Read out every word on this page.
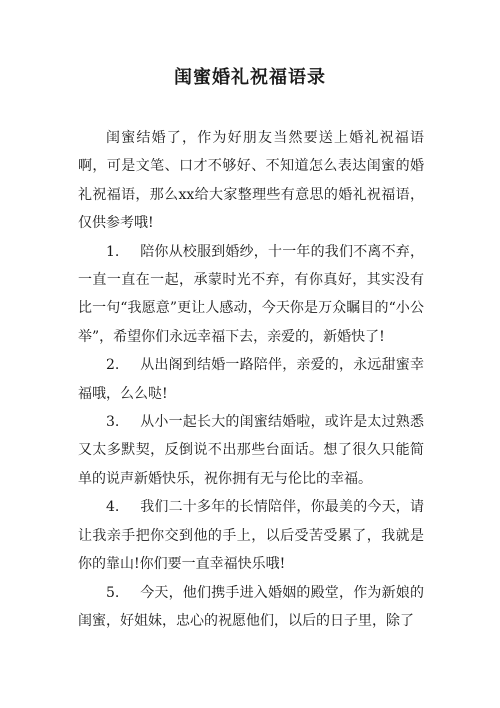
闺蜜婚礼祝福语录

闺蜜结婚了，作为好朋友当然要送上婚礼祝福语啊，可是文笔、口才不够好、不知道怎么表达闺蜜的婚礼祝福语，那么xx给大家整理些有意思的婚礼祝福语，仅供参考哦!

1. 陪你从校服到婚纱，十一年的我们不离不弃，一直一直在一起，承蒙时光不弃，有你真好，其实没有比一句“我愿意”更让人感动，今天你是万众瞩目的“小公举”，希望你们永远幸福下去，亲爱的，新婚快了!

2. 从出阁到结婚一路陪伴，亲爱的，永远甜蜜幸福哦，么么哒!

3. 从小一起长大的闺蜜结婚啦，或许是太过熟悉又太多默契，反倒说不出那些台面话。想了很久只能简单的说声新婚快乐，祝你拥有无与伦比的幸福。

4. 我们二十多年的长情陪伴，你最美的今天，请让我亲手把你交到他的手上，以后受苦受累了，我就是你的靠山!你们要一直幸福快乐哦!

5. 今天，他们携手进入婚姻的殿堂，作为新娘的闺蜜，好姐妹，忠心的祝愿他们，以后的日子里，除了
